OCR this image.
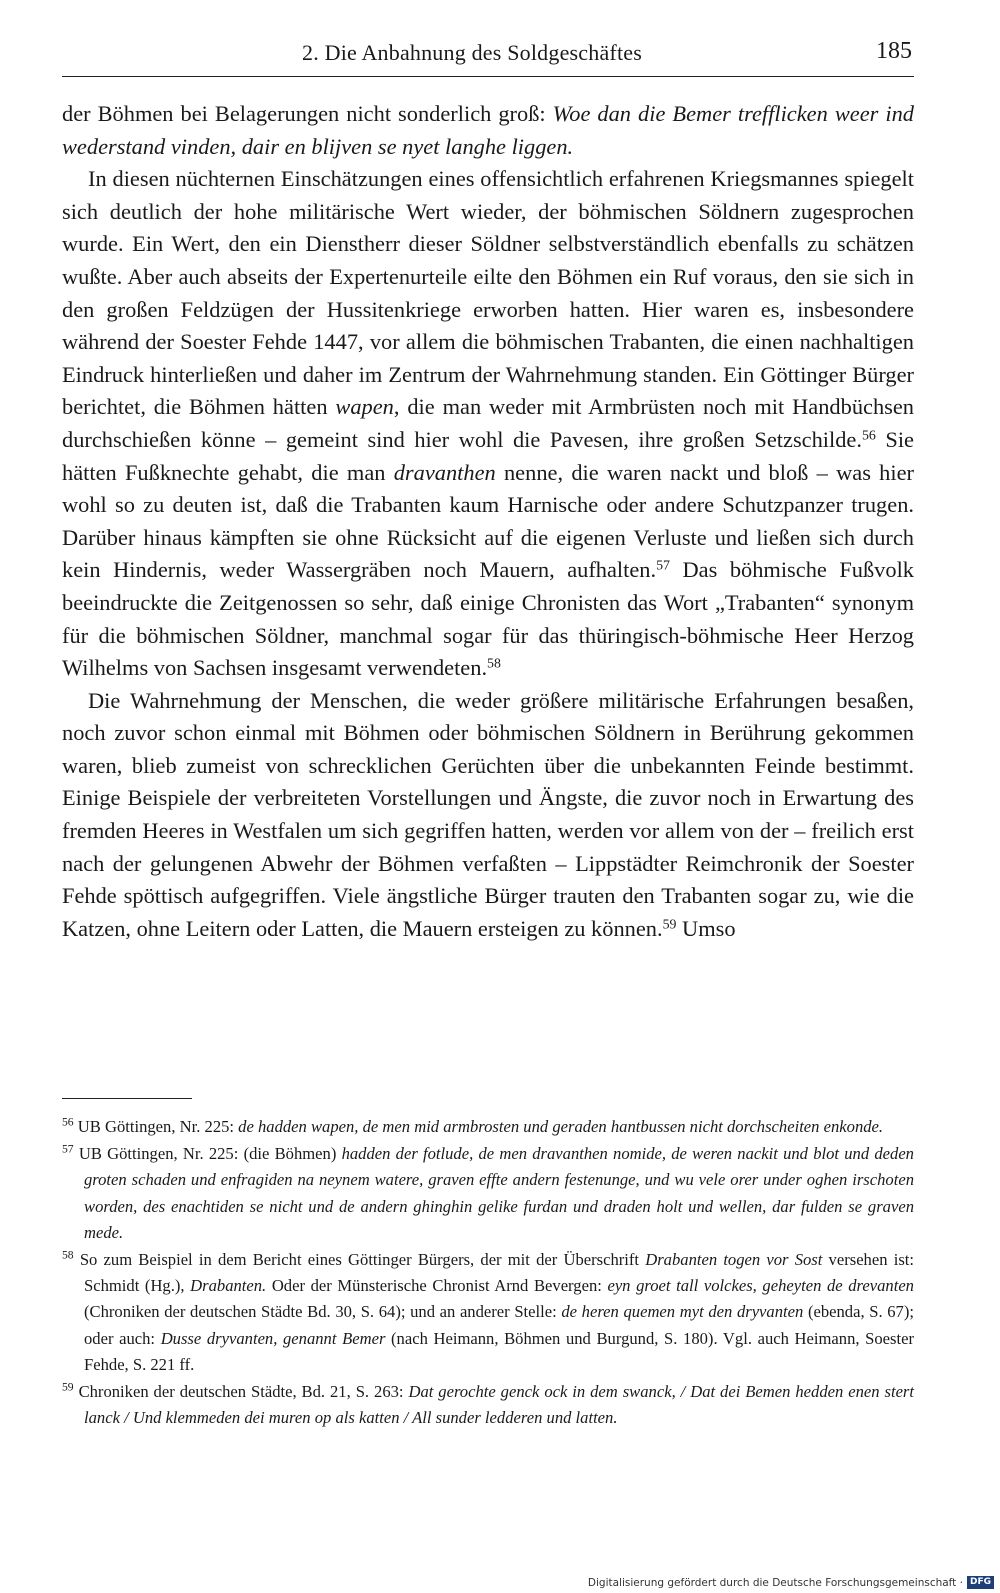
2. Die Anbahnung des Soldgeschäftes	185

der Böhmen bei Belagerungen nicht sonderlich groß: Woe dan die Bemer trefflicken weer ind wederstand vinden, dair en blijven se nyet langhe liggen.

In diesen nüchternen Einschätzungen eines offensichtlich erfahrenen Kriegsmannes spiegelt sich deutlich der hohe militärische Wert wieder, der böhmischen Söldnern zugesprochen wurde. Ein Wert, den ein Dienstherr dieser Söldner selbstverständlich ebenfalls zu schätzen wußte. Aber auch abseits der Expertenurteile eilte den Böhmen ein Ruf voraus, den sie sich in den großen Feldzügen der Hussitenkriege erworben hatten. Hier waren es, insbesondere während der Soester Fehde 1447, vor allem die böhmischen Trabanten, die einen nachhaltigen Eindruck hinterließen und daher im Zentrum der Wahrnehmung standen. Ein Göttinger Bürger berichtet, die Böhmen hätten wapen, die man weder mit Armbrüsten noch mit Handbüchsen durchschießen könne – gemeint sind hier wohl die Pavesen, ihre großen Setzschilde.$^{56}$ Sie hätten Fußknechte gehabt, die man dravanthen nenne, die waren nackt und bloß – was hier wohl so zu deuten ist, daß die Trabanten kaum Harnische oder andere Schutzpanzer trugen. Darüber hinaus kämpften sie ohne Rücksicht auf die eigenen Verluste und ließen sich durch kein Hindernis, weder Wassergräben noch Mauern, aufhalten.$^{57}$ Das böhmische Fußvolk beeindruckte die Zeitgenossen so sehr, daß einige Chronisten das Wort „Trabanten“ synonym für die böhmischen Söldner, manchmal sogar für das thüringisch-böhmische Heer Herzog Wilhelms von Sachsen insgesamt verwendeten.$^{58}$

Die Wahrnehmung der Menschen, die weder größere militärische Erfahrungen besaßen, noch zuvor schon einmal mit Böhmen oder böhmischen Söldnern in Berührung gekommen waren, blieb zumeist von schrecklichen Gerüchten über die unbekannten Feinde bestimmt. Einige Beispiele der verbreiteten Vorstellungen und Ängste, die zuvor noch in Erwartung des fremden Heeres in Westfalen um sich gegriffen hatten, werden vor allem von der – freilich erst nach der gelungenen Abwehr der Böhmen verfaßten – Lippstädter Reimchronik der Soester Fehde spöttisch aufgegriffen. Viele ängstliche Bürger trauten den Trabanten sogar zu, wie die Katzen, ohne Leitern oder Latten, die Mauern ersteigen zu können.$^{59}$ Umso

$^{56}$ UB Göttingen, Nr. 225: de hadden wapen, de men mid armbrosten und geraden hantbussen nicht dorchscheiten enkonde.

$^{57}$ UB Göttingen, Nr. 225: (die Böhmen) hadden der fotlude, de men dravanthen nomide, de weren nackit und blot und deden groten schaden und enfragiden na neynem watere, graven effte andern festenunge, und wu vele orer under oghen irschoten worden, des enachtiden se nicht und de andern ghinghin gelike furdan und draden holt und wellen, dar fulden se graven mede.

$^{58}$ So zum Beispiel in dem Bericht eines Göttinger Bürgers, der mit der Überschrift Drabanten togen vor Sost versehen ist: Schmidt (Hg.), Drabanten. Oder der Münsterische Chronist Arnd Bevergen: eyn groet tall volckes, geheyten de drevanten (Chroniken der deutschen Städte Bd. 30, S. 64); und an anderer Stelle: de heren quemen myt den dryvanten (ebenda, S. 67); oder auch: Dusse dryvanten, genannt Bemer (nach Heimann, Böhmen und Burgund, S. 180). Vgl. auch Heimann, Soester Fehde, S. 221 ff.

$^{59}$ Chroniken der deutschen Städte, Bd. 21, S. 263: Dat gerochte genck ock in dem swanck, / Dat dei Bemen hedden enen stert lanck / Und klemmeden dei muren op als katten / All sunder ledderen und latten.

Digitalisierung gefördert durch die Deutsche Forschungsgemeinschaft · DFG
